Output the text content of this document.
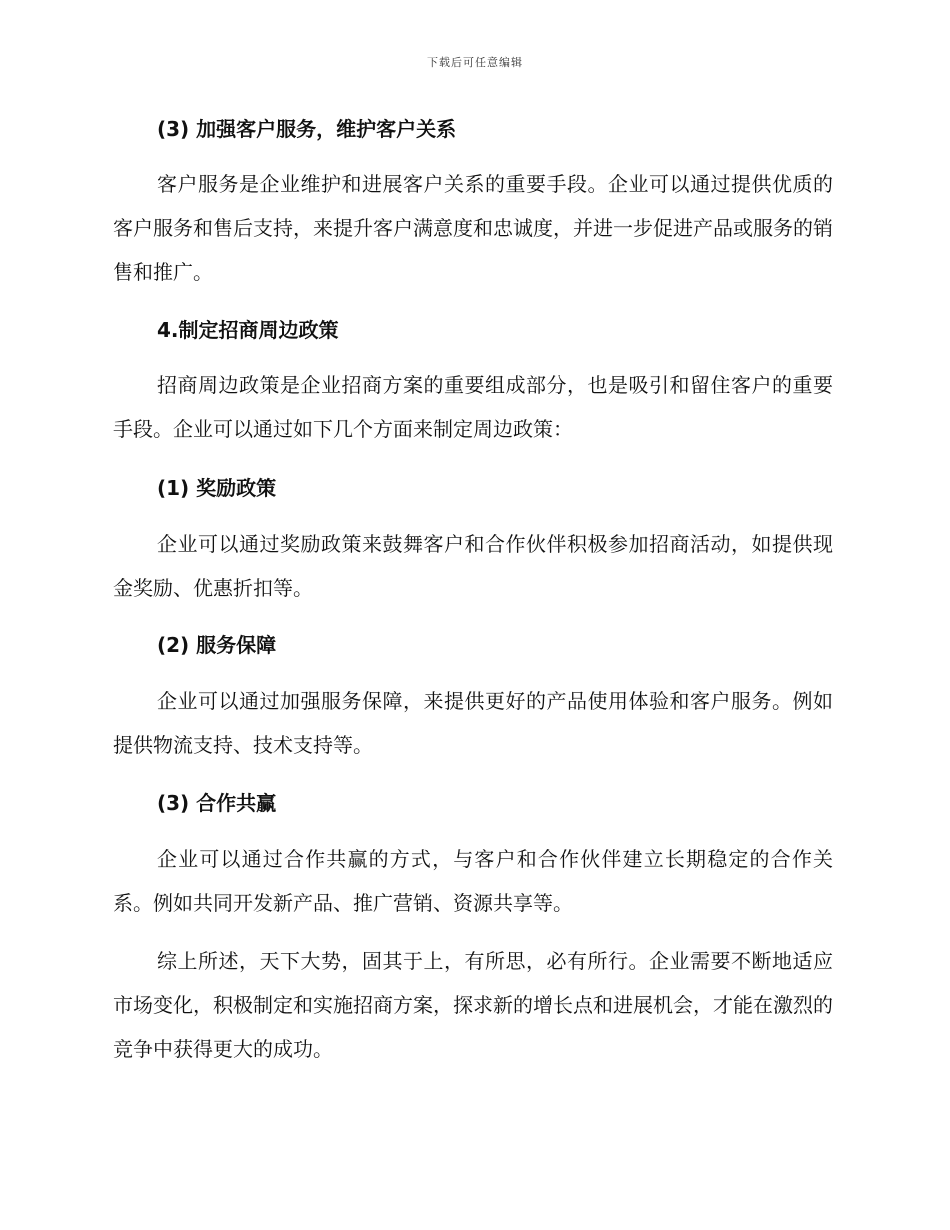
下载后可任意编辑

(3) 加强客户服务，维护客户关系

客户服务是企业维护和进展客户关系的重要手段。企业可以通过提供优质的客户服务和售后支持，来提升客户满意度和忠诚度，并进一步促进产品或服务的销售和推广。

4.制定招商周边政策

招商周边政策是企业招商方案的重要组成部分，也是吸引和留住客户的重要手段。企业可以通过如下几个方面来制定周边政策：

(1) 奖励政策

企业可以通过奖励政策来鼓舞客户和合作伙伴积极参加招商活动，如提供现金奖励、优惠折扣等。

(2) 服务保障

企业可以通过加强服务保障，来提供更好的产品使用体验和客户服务。例如提供物流支持、技术支持等。

(3) 合作共赢

企业可以通过合作共赢的方式，与客户和合作伙伴建立长期稳定的合作关系。例如共同开发新产品、推广营销、资源共享等。

综上所述，天下大势，固其于上，有所思，必有所行。企业需要不断地适应市场变化，积极制定和实施招商方案，探求新的增长点和进展机会，才能在激烈的竞争中获得更大的成功。
